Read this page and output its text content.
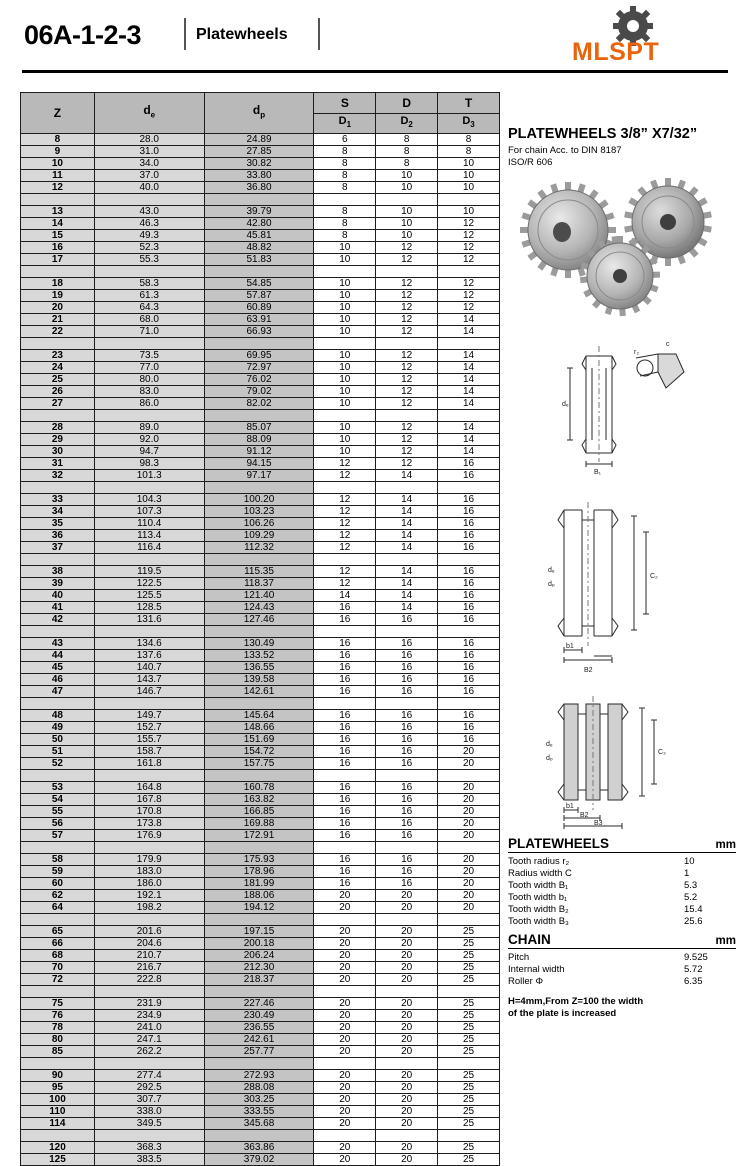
06A-1-2-3	Platewheels
MLSPT
Z	$d_e$	$d_p$	S	D	T
			$D_1$	$D_2$	$D_3$
8	28.0	24.89	6	8	8
9	31.0	27.85	8	8	8
10	34.0	30.82	8	8	10
11	37.0	33.80	8	10	10
12	40.0	36.80	8	10	10

13	43.0	39.79	8	10	10
14	46.3	42.80	8	10	12
15	49.3	45.81	8	10	12
16	52.3	48.82	10	12	12
17	55.3	51.83	10	12	12

18	58.3	54.85	10	12	12
19	61.3	57.87	10	12	12
20	64.3	60.89	10	12	12
21	68.0	63.91	10	12	14
22	71.0	66.93	10	12	14

23	73.5	69.95	10	12	14
24	77.0	72.97	10	12	14
25	80.0	76.02	10	12	14
26	83.0	79.02	10	12	14
27	86.0	82.02	10	12	14

28	89.0	85.07	10	12	14
29	92.0	88.09	10	12	14
30	94.7	91.12	10	12	14
31	98.3	94.15	12	12	16
32	101.3	97.17	12	14	16

33	104.3	100.20	12	14	16
34	107.3	103.23	12	14	16
35	110.4	106.26	12	14	16
36	113.4	109.29	12	14	16
37	116.4	112.32	12	14	16

38	119.5	115.35	12	14	16
39	122.5	118.37	12	14	16
40	125.5	121.40	14	14	16
41	128.5	124.43	16	14	16
42	131.6	127.46	16	16	16

43	134.6	130.49	16	16	16
44	137.6	133.52	16	16	16
45	140.7	136.55	16	16	16
46	143.7	139.58	16	16	16
47	146.7	142.61	16	16	16

48	149.7	145.64	16	16	16
49	152.7	148.66	16	16	16
50	155.7	151.69	16	16	16
51	158.7	154.72	16	16	20
52	161.8	157.75	16	16	20

53	164.8	160.78	16	16	20
54	167.8	163.82	16	16	20
55	170.8	166.85	16	16	20
56	173.8	169.88	16	16	20
57	176.9	172.91	16	16	20

58	179.9	175.93	16	16	20
59	183.0	178.96	16	16	20
60	186.0	181.99	16	16	20
62	192.1	188.06	20	20	20
64	198.2	194.12	20	20	20

65	201.6	197.15	20	20	25
66	204.6	200.18	20	20	25
68	210.7	206.24	20	20	25
70	216.7	212.30	20	20	25
72	222.8	218.37	20	20	25

75	231.9	227.46	20	20	25
76	234.9	230.49	20	20	25
78	241.0	236.55	20	20	25
80	247.1	242.61	20	20	25
85	262.2	257.77	20	20	25

90	277.4	272.93	20	20	25
95	292.5	288.08	20	20	25
100	307.7	303.25	20	20	25
110	338.0	333.55	20	20	25
114	349.5	345.68	20	20	25

120	368.3	363.86	20	20	25
125	383.5	379.02	20	20	25
PLATEWHEELS 3/8” X7/32”
For chain Acc. to DIN 8187
ISO/R 606
c
r₂
dₑ
B₁
dₑ
dₚ
C₂
b1
B2
dₑ
dₚ
C₃
b1
B2
B3
PLATEWHEELS	mm
Tooth radius r₂	10
Radius width C	1
Tooth width B₁	5.3
Tooth width b₁	5.2
Tooth width B₂	15.4
Tooth width B₃	25.6
CHAIN	mm
Pitch	9.525
Internal width	5.72
Roller Φ	6.35
H=4mm,From Z=100 the width
of the plate is increased
